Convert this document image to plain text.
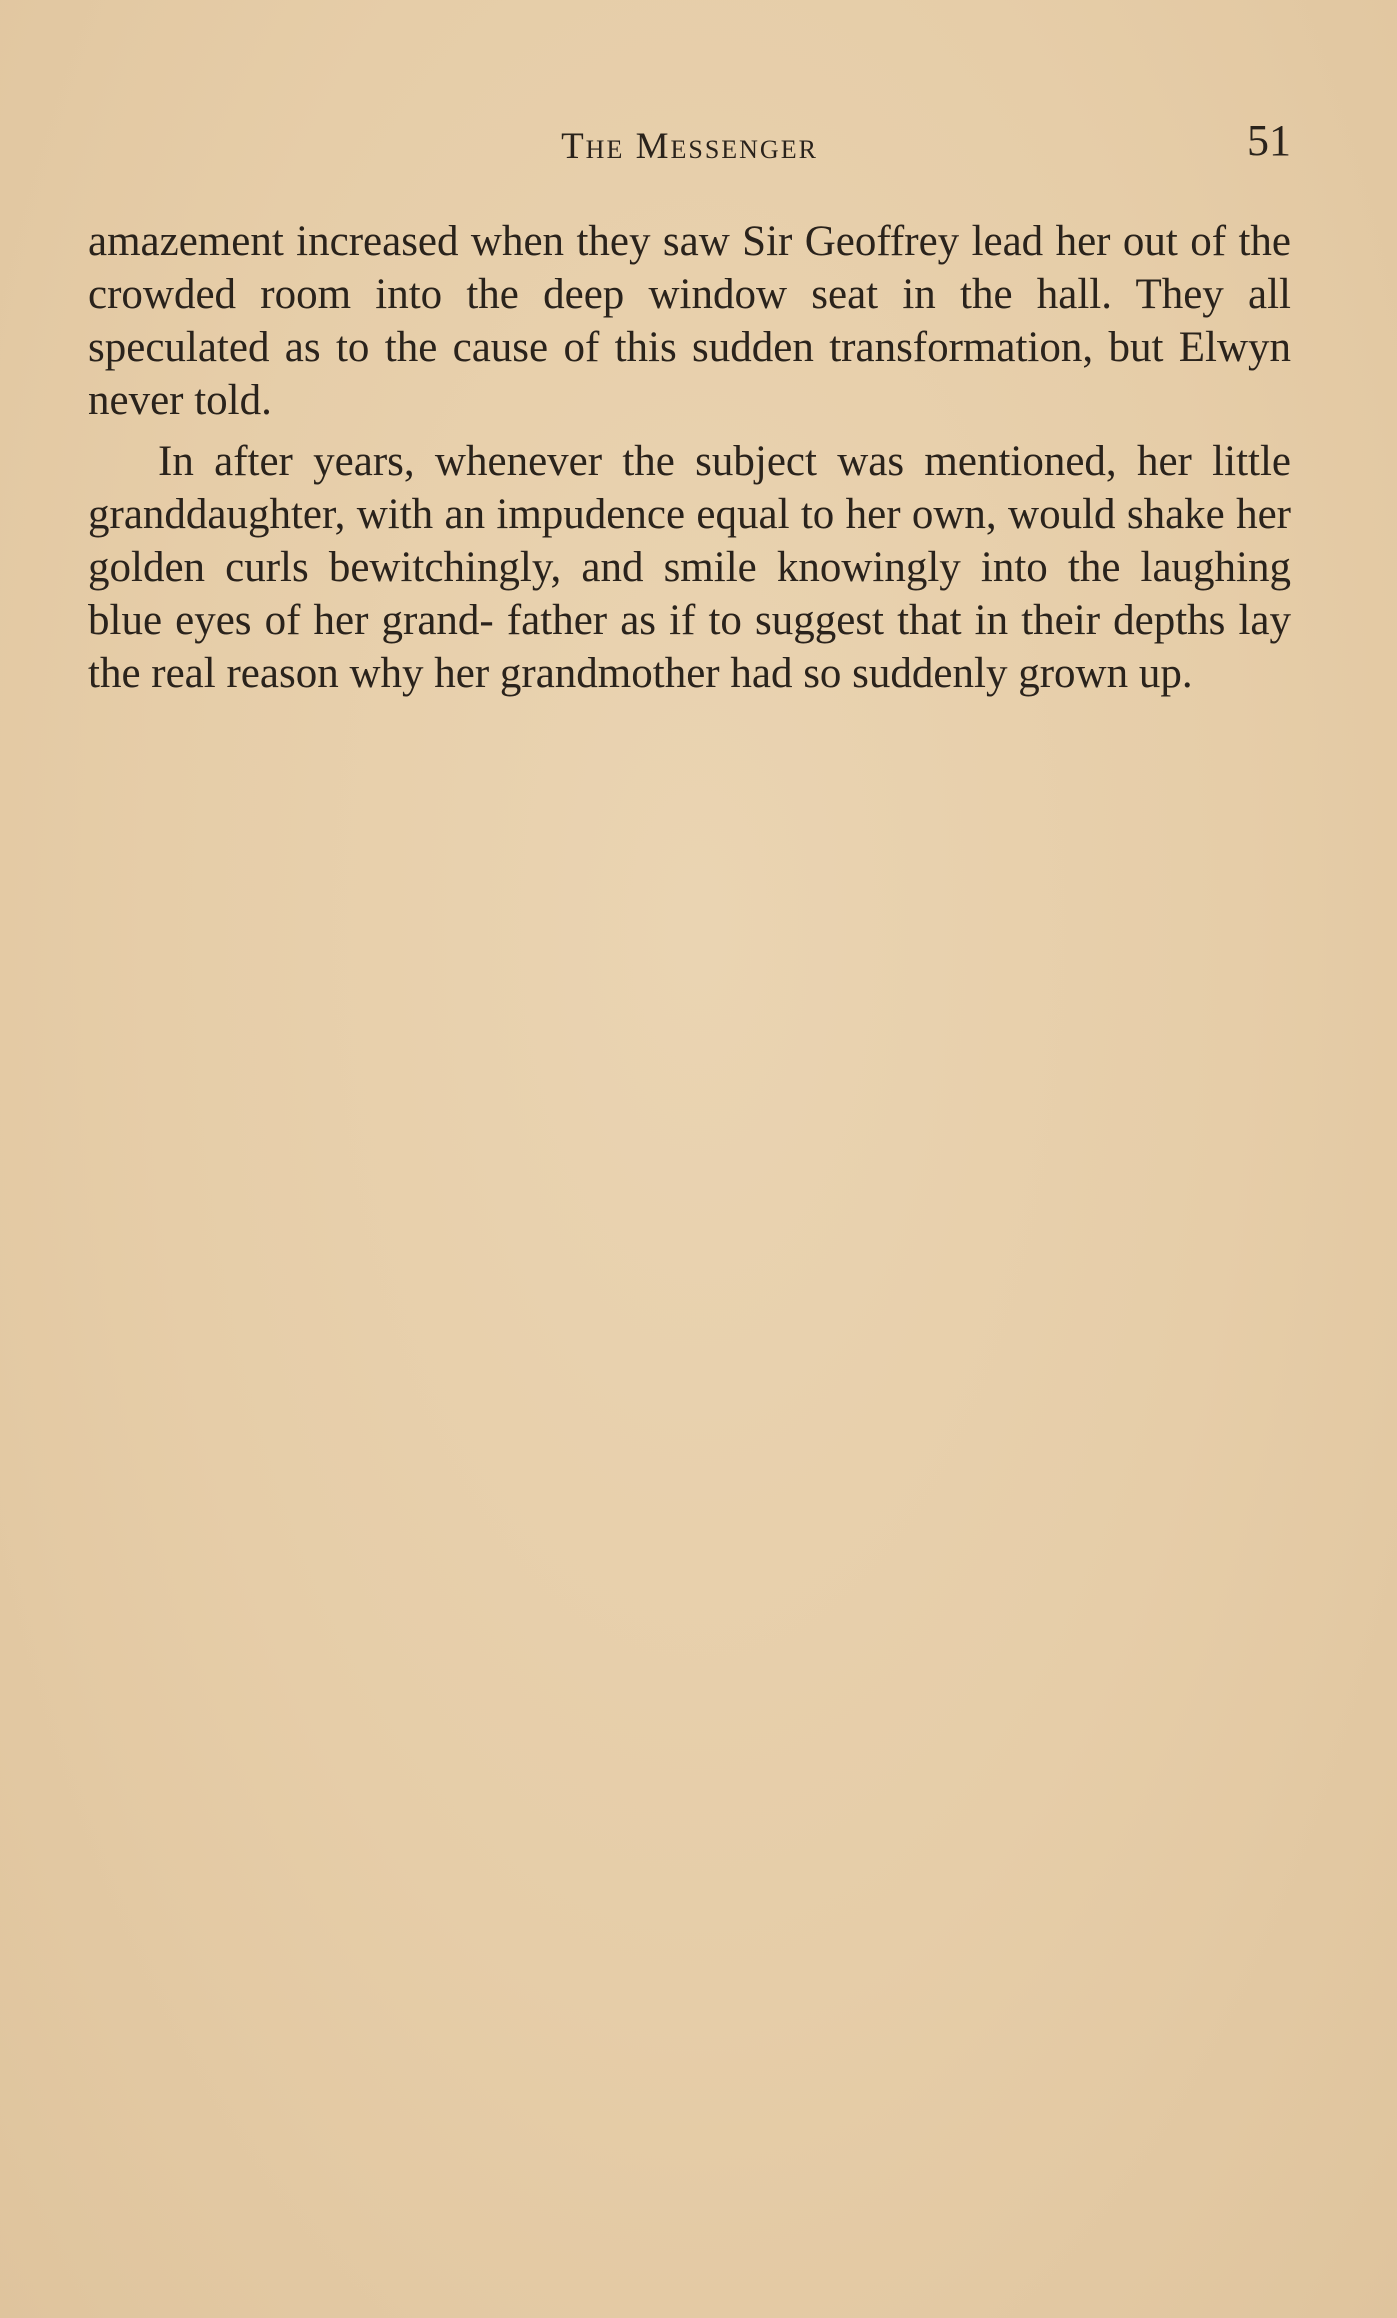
The Messenger	51

amazement increased when they saw Sir Geoffrey lead her out of the crowded room into the deep window seat in the hall. They all speculated as to the cause of this sudden transformation, but Elwyn never told.

In after years, whenever the subject was mentioned, her little granddaughter, with an impudence equal to her own, would shake her golden curls bewitchingly, and smile knowingly into the laughing blue eyes of her grand- father as if to suggest that in their depths lay the real reason why her grandmother had so suddenly grown up.
